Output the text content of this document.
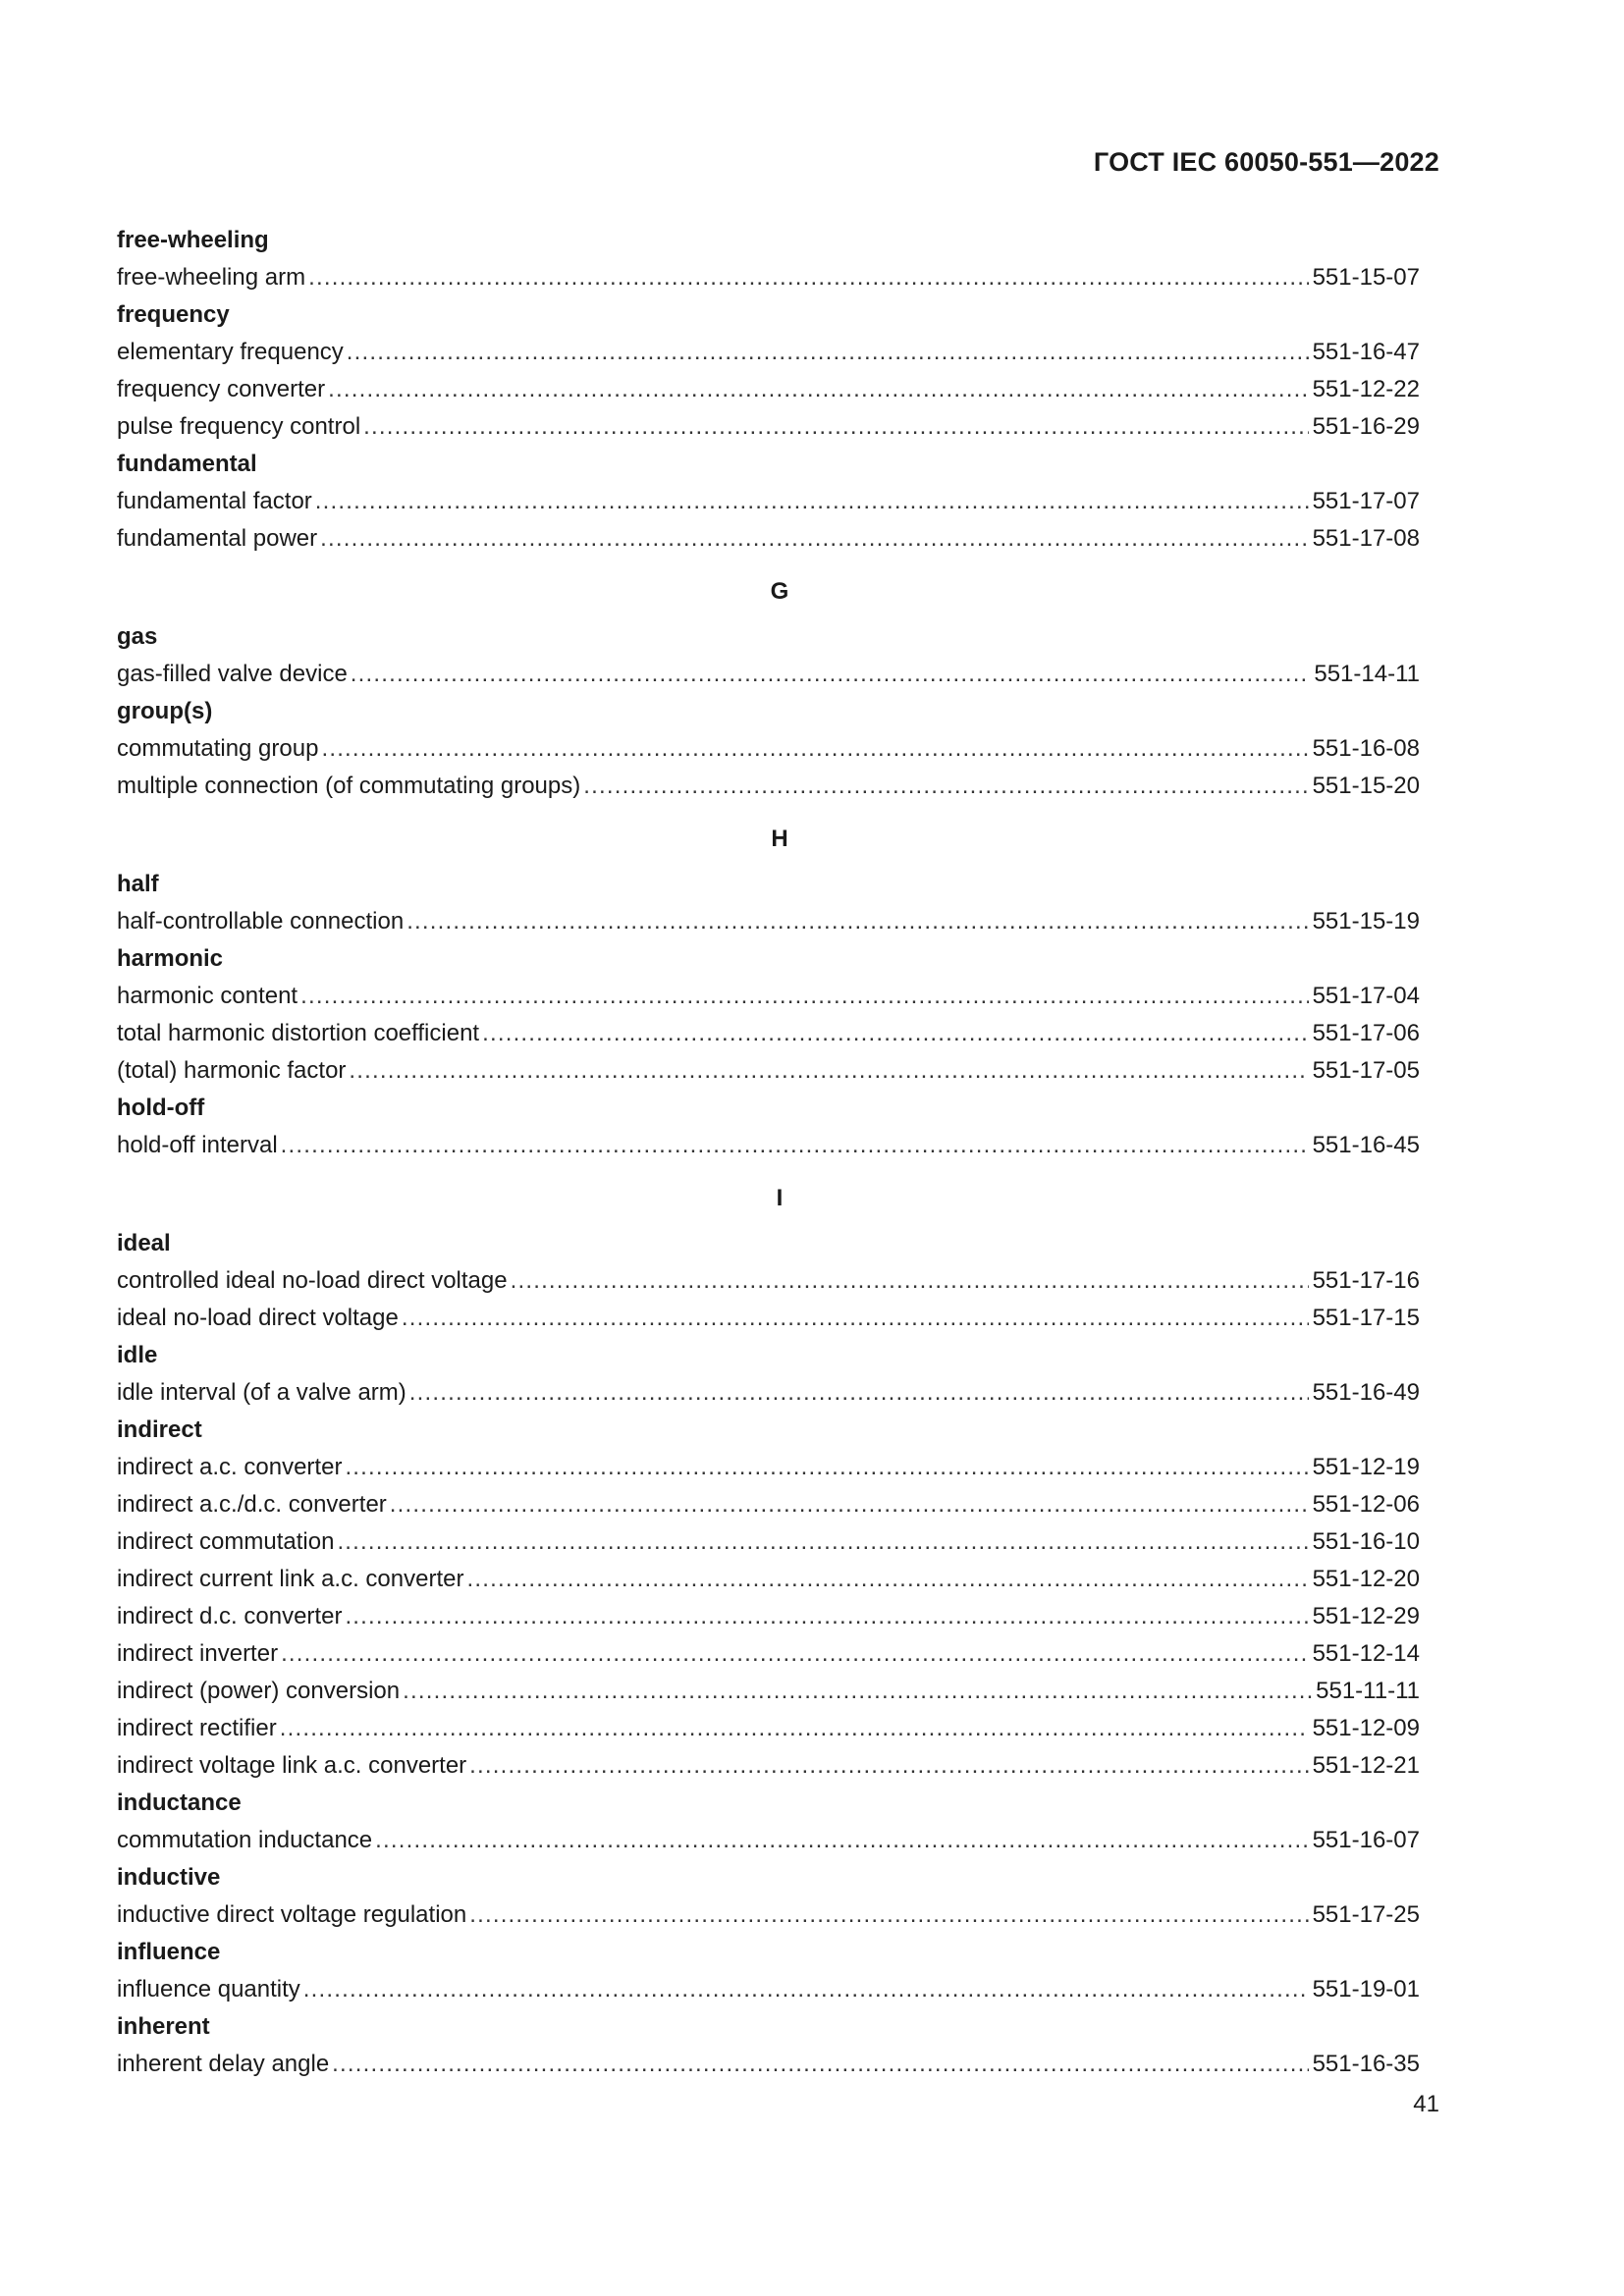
ГОСТ IEC 60050-551—2022
free-wheeling
free-wheeling arm .....	551-15-07
frequency
elementary frequency .....	551-16-47
frequency converter .....	551-12-22
pulse frequency control .....	551-16-29
fundamental
fundamental factor .....	551-17-07
fundamental power .....	551-17-08
G
gas
gas-filled valve device .....	551-14-11
group(s)
commutating group .....	551-16-08
multiple connection (of commutating groups) .....	551-15-20
H
half
half-controllable connection .....	551-15-19
harmonic
harmonic content .....	551-17-04
total harmonic distortion coefficient .....	551-17-06
(total) harmonic factor .....	551-17-05
hold-off
hold-off interval .....	551-16-45
I
ideal
controlled ideal no-load direct voltage .....	551-17-16
ideal no-load direct voltage .....	551-17-15
idle
idle interval (of a valve arm) .....	551-16-49
indirect
indirect a.c. converter .....	551-12-19
indirect a.c./d.c. converter .....	551-12-06
indirect commutation .....	551-16-10
indirect current link a.c. converter .....	551-12-20
indirect d.c. converter .....	551-12-29
indirect inverter .....	551-12-14
indirect (power) conversion .....	551-11-11
indirect rectifier .....	551-12-09
indirect voltage link a.c. converter .....	551-12-21
inductance
commutation inductance .....	551-16-07
inductive
inductive direct voltage regulation .....	551-17-25
influence
influence quantity .....	551-19-01
inherent
inherent delay angle .....	551-16-35
41
